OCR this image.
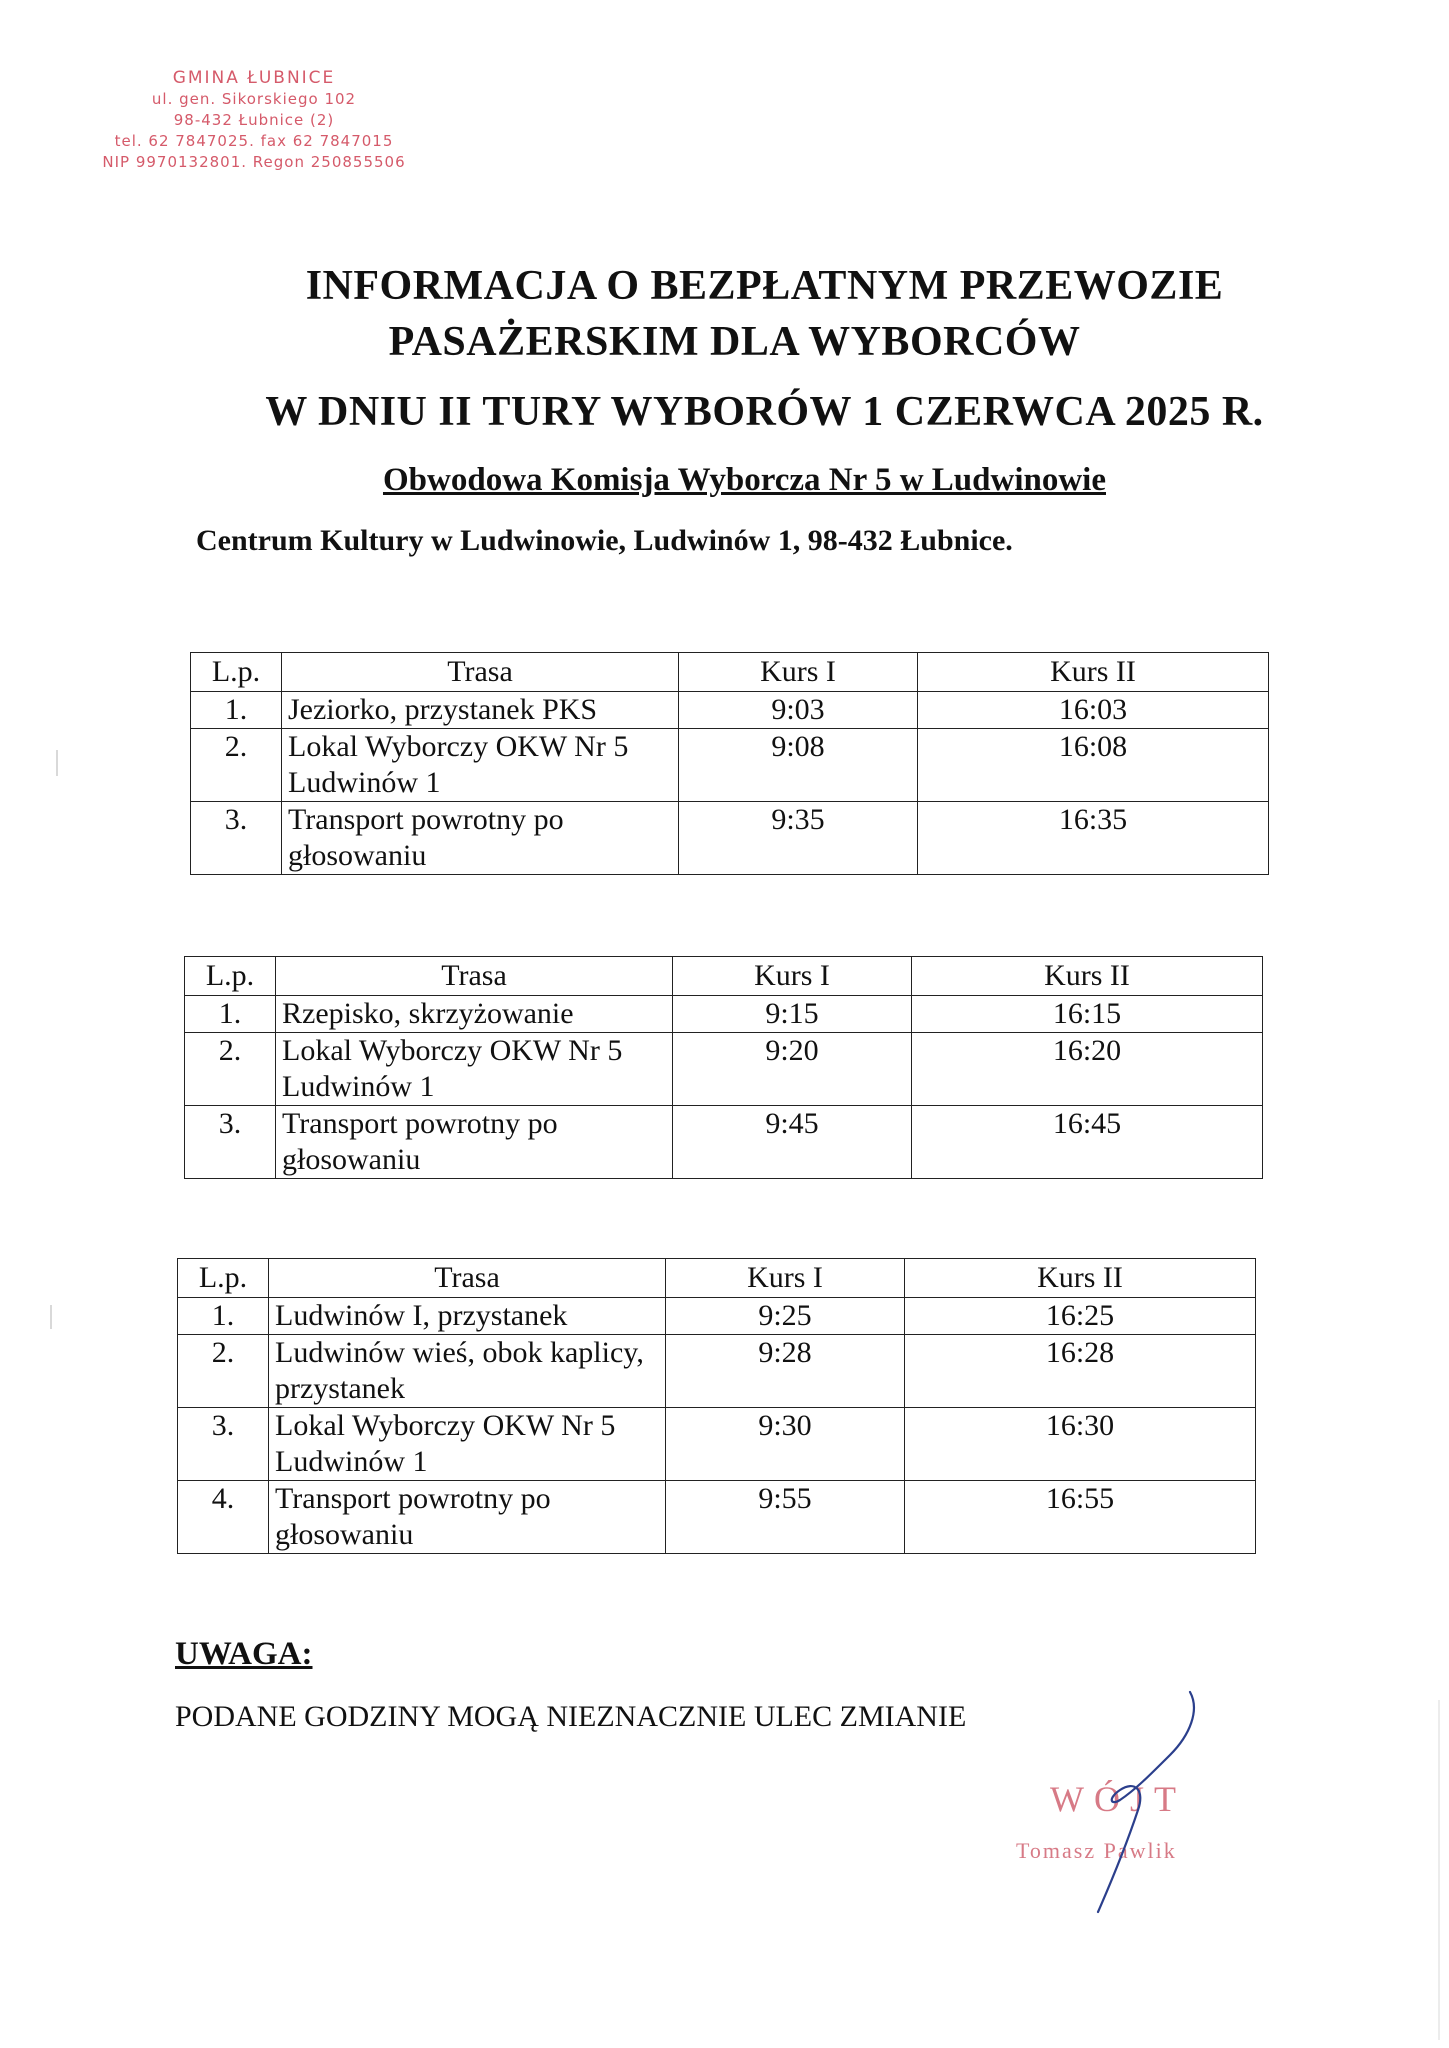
GMINA ŁUBNICE
ul. gen. Sikorskiego 102
98-432 Łubnice (2)
tel. 62 7847025. fax 62 7847015
NIP 9970132801. Regon 250855506
INFORMACJA O BEZPŁATNYM PRZEWOZIE
PASAŻERSKIM DLA WYBORCÓW
W DNIU II TURY WYBORÓW 1 CZERWCA 2025 R.
Obwodowa Komisja Wyborcza Nr 5 w Ludwinowie
Centrum Kultury w Ludwinowie, Ludwinów 1, 98-432 Łubnice.
L.p.	Trasa	Kurs I	Kurs II
1.	Jeziorko, przystanek PKS	9:03	16:03
2.	Lokal Wyborczy OKW Nr 5 Ludwinów 1	9:08	16:08
3.	Transport powrotny po głosowaniu	9:35	16:35
L.p.	Trasa	Kurs I	Kurs II
1.	Rzepisko, skrzyżowanie	9:15	16:15
2.	Lokal Wyborczy OKW Nr 5 Ludwinów 1	9:20	16:20
3.	Transport powrotny po głosowaniu	9:45	16:45
L.p.	Trasa	Kurs I	Kurs II
1.	Ludwinów I, przystanek	9:25	16:25
2.	Ludwinów wieś, obok kaplicy, przystanek	9:28	16:28
3.	Lokal Wyborczy OKW Nr 5 Ludwinów 1	9:30	16:30
4.	Transport powrotny po głosowaniu	9:55	16:55
UWAGA:
PODANE GODZINY MOGĄ NIEZNACZNIE ULEC ZMIANIE
WÓJT
Tomasz Pawlik
